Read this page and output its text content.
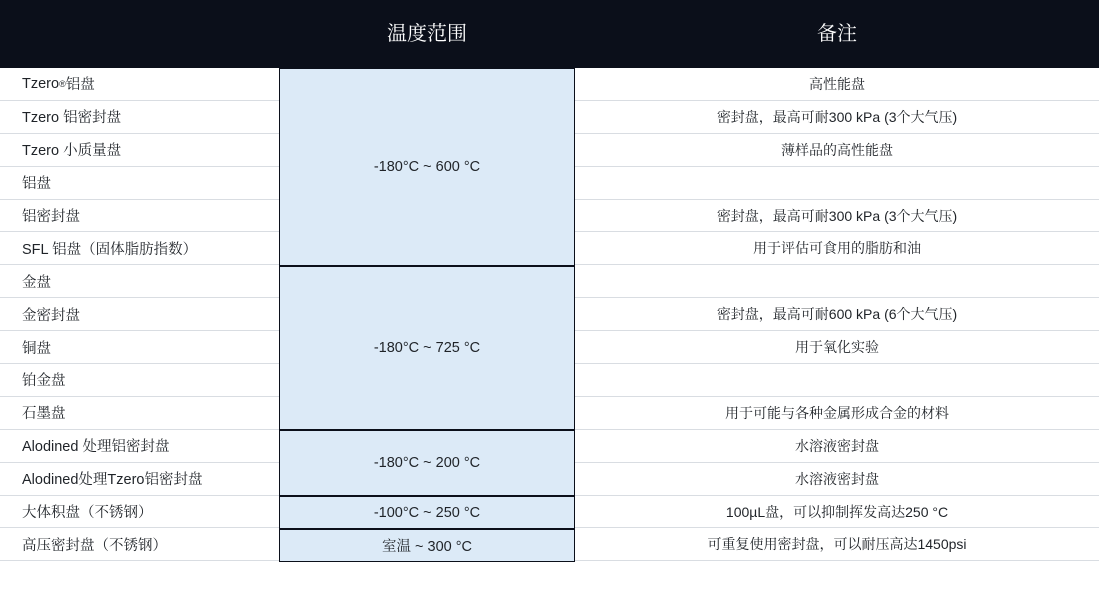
温度范围	备注
Tzero ® 铝盘
Tzero 铝密封盘
Tzero 小质量盘
铝盘
铝密封盘
SFL 铝盘（固体脂肪指数）
金盘
金密封盘
铜盘
铂金盘
石墨盘
Alodined 处理铝密封盘
Alodined处理Tzero铝密封盘
大体积盘（不锈钢）
高压密封盘（不锈钢）
-180°C ~ 600 °C
-180°C ~ 725 °C
-180°C ~ 200 °C
-100°C ~ 250 °C
室温 ~ 300 °C
高性能盘
密封盘，最高可耐300 kPa (3个大气压)
薄样品的高性能盘
密封盘，最高可耐300 kPa (3个大气压)
用于评估可食用的脂肪和油
密封盘，最高可耐600 kPa (6个大气压)
用于氧化实验
用于可能与各种金属形成合金的材料
水溶液密封盘
水溶液密封盘
100µL盘，可以抑制挥发高达250 °C
可重复使用密封盘，可以耐压高达1450psi
